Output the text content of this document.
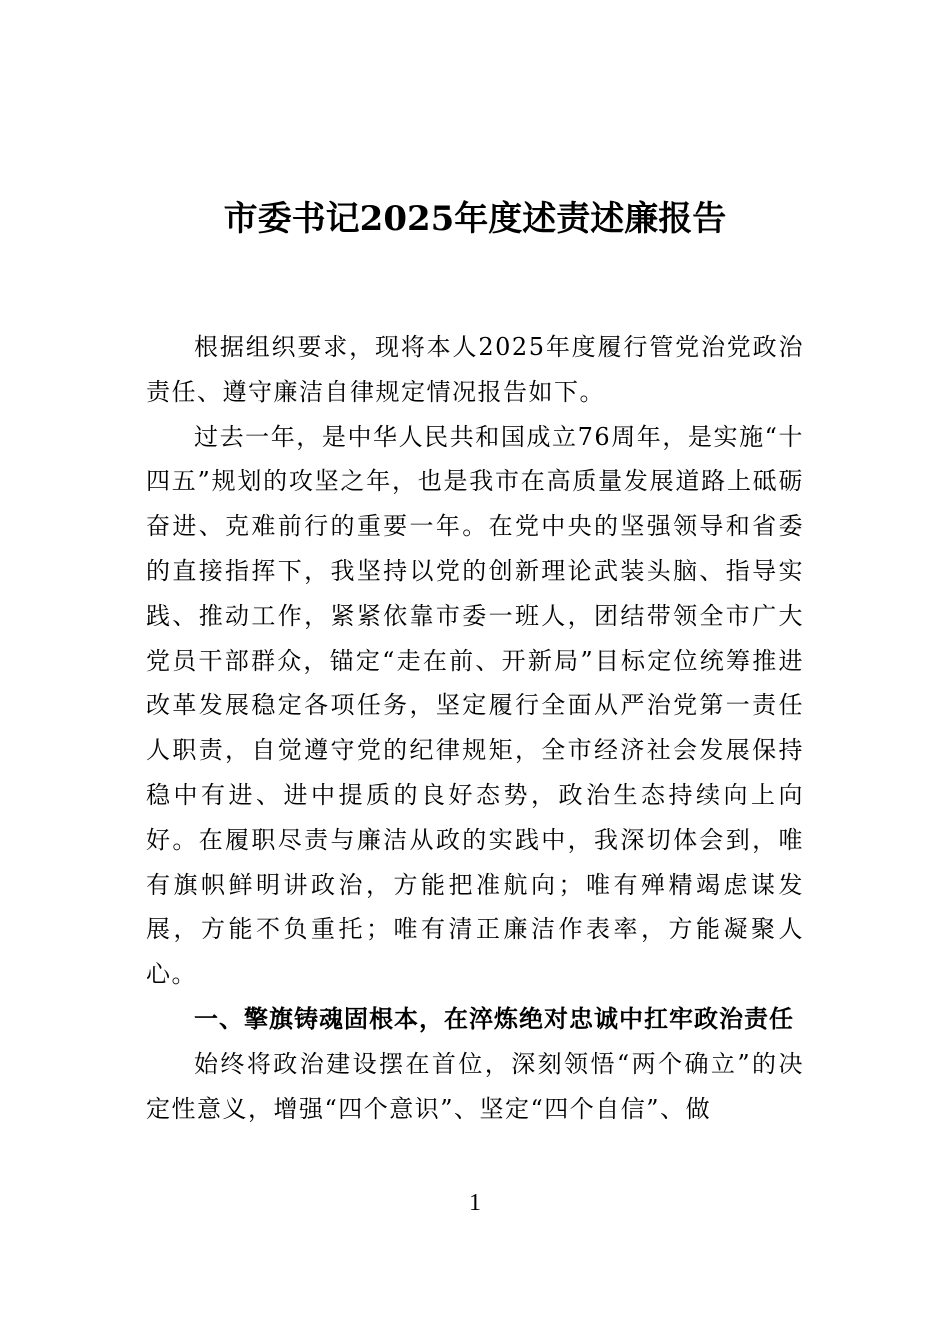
市委书记2025年度述责述廉报告

根据组织要求，现将本人2025年度履行管党治党政治责任、遵守廉洁自律规定情况报告如下。

过去一年，是中华人民共和国成立76周年，是实施“十四五”规划的攻坚之年，也是我市在高质量发展道路上砥砺奋进、克难前行的重要一年。在党中央的坚强领导和省委的直接指挥下，我坚持以党的创新理论武装头脑、指导实践、推动工作，紧紧依靠市委一班人，团结带领全市广大党员干部群众，锚定“走在前、开新局”目标定位统筹推进改革发展稳定各项任务，坚定履行全面从严治党第一责任人职责，自觉遵守党的纪律规矩，全市经济社会发展保持稳中有进、进中提质的良好态势，政治生态持续向上向好。在履职尽责与廉洁从政的实践中，我深切体会到，唯有旗帜鲜明讲政治，方能把准航向；唯有殚精竭虑谋发展，方能不负重托；唯有清正廉洁作表率，方能凝聚人心。

一、擎旗铸魂固根本，在淬炼绝对忠诚中扛牢政治责任

始终将政治建设摆在首位，深刻领悟“两个确立”的决定性意义，增强“四个意识”、坚定“四个自信”、做

1
